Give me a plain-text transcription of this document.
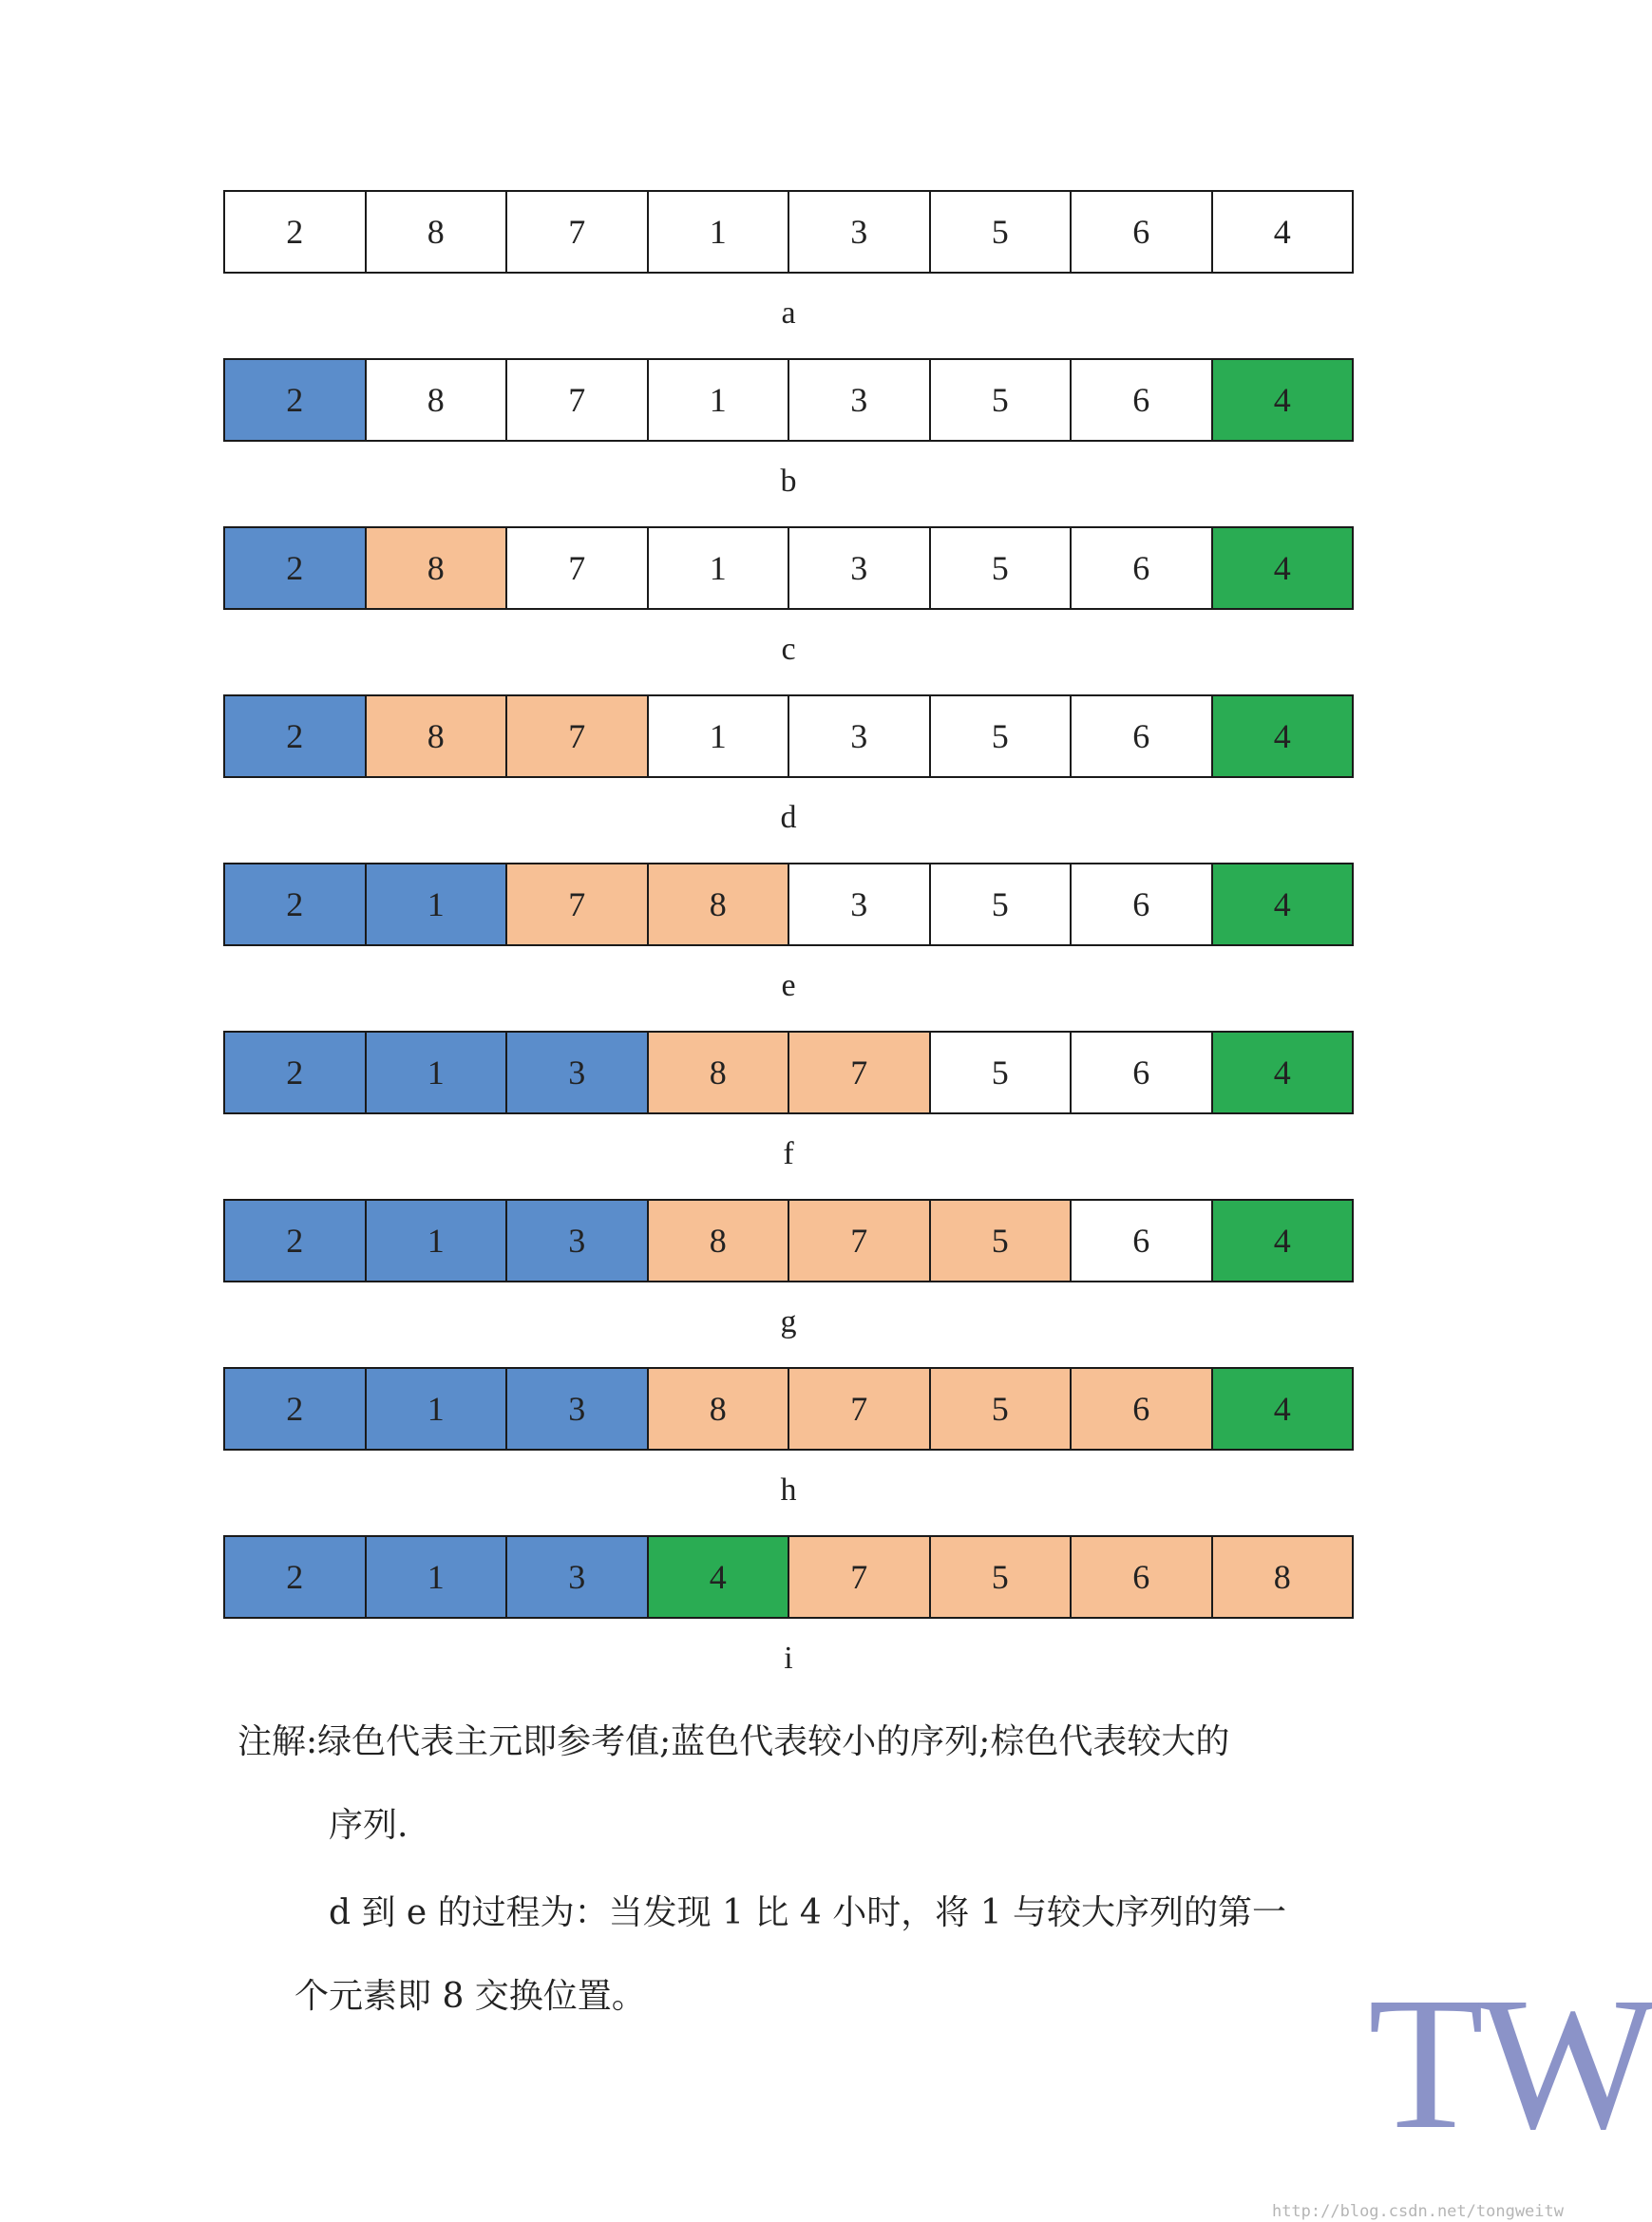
2	8	7	1	3	5	6	4
a
2	8	7	1	3	5	6	4
b
2	8	7	1	3	5	6	4
c
2	8	7	1	3	5	6	4
d
2	1	7	8	3	5	6	4
e
2	1	3	8	7	5	6	4
f
2	1	3	8	7	5	6	4
g
2	1	3	8	7	5	6	4
h
2	1	3	4	7	5	6	8
i

注解:绿色代表主元即参考值;蓝色代表较小的序列;棕色代表较大的

序列.

d 到 e 的过程为：当发现 1 比 4 小时，将 1 与较大序列的第一

个元素即 8 交换位置。	TW
http://blog.csdn.net/tongweitw
